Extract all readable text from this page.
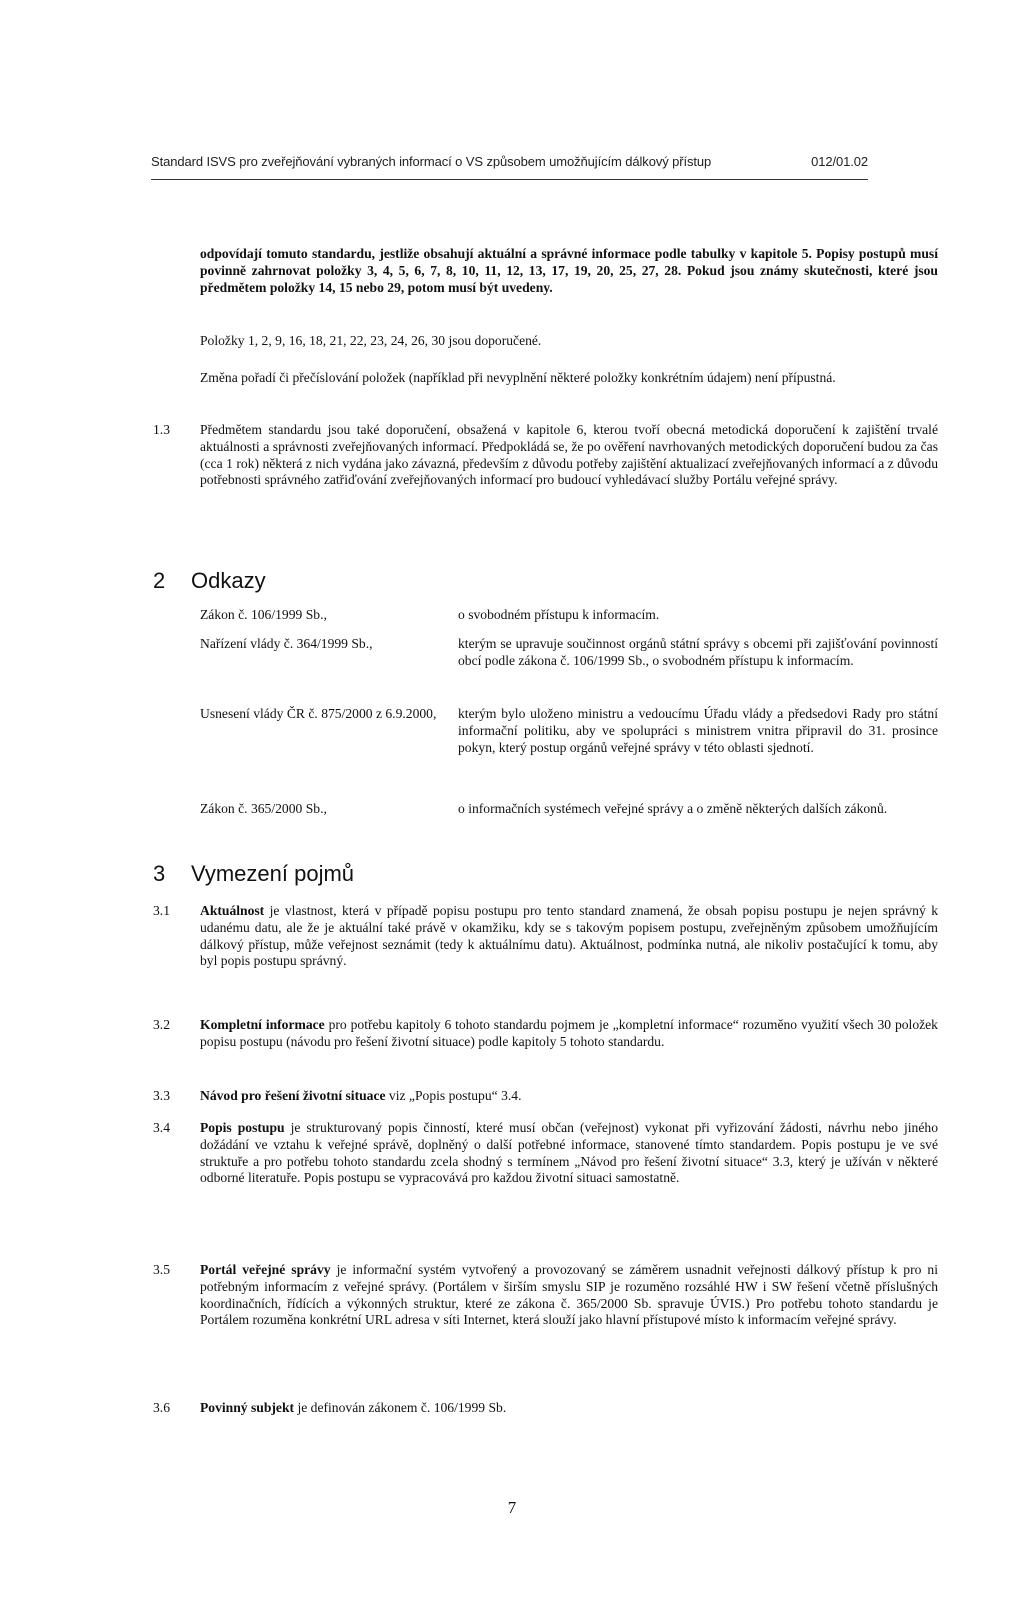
Standard ISVS pro zveřejňování vybraných informací o VS způsobem umožňujícím dálkový přístup	012/01.02
odpovídají tomuto standardu, jestliže obsahují aktuální a správné informace podle tabulky v kapitole 5. Popisy postupů musí povinně zahrnovat položky 3, 4, 5, 6, 7, 8, 10, 11, 12, 13, 17, 19, 20, 25, 27, 28. Pokud jsou známy skutečnosti, které jsou předmětem položky 14, 15 nebo 29, potom musí být uvedeny.
Položky 1, 2, 9, 16, 18, 21, 22, 23, 24, 26, 30 jsou doporučené.
Změna pořadí či přečíslování položek (například při nevyplnění některé položky konkrétním údajem) není přípustná.
1.3 Předmětem standardu jsou také doporučení, obsažená v kapitole 6, kterou tvoří obecná metodická doporučení k zajištění trvalé aktuálnosti a správnosti zveřejňovaných informací. Předpokládá se, že po ověření navrhovaných metodických doporučení budou za čas (cca 1 rok) některá z nich vydána jako závazná, především z důvodu potřeby zajištění aktualizací zveřejňovaných informací a z důvodu potřebnosti správného zatřiďování zveřejňovaných informací pro budoucí vyhledávací služby Portálu veřejné správy.
2 Odkazy
Zákon č. 106/1999 Sb.,	o svobodném přístupu k informacím.
Nařízení vlády č. 364/1999 Sb.,	kterým se upravuje součinnost orgánů státní správy s obcemi při zajišťování povinností obcí podle zákona č. 106/1999 Sb., o svobodném přístupu k informacím.
Usnesení vlády ČR č. 875/2000 z 6.9.2000, kterým bylo uloženo ministru a vedoucímu Úřadu vlády a předsedovi Rady pro státní informační politiku, aby ve spolupráci s ministrem vnitra připravil do 31. prosince pokyn, který postup orgánů veřejné správy v této oblasti sjednotí.
Zákon č. 365/2000 Sb.,	o informačních systémech veřejné správy a o změně některých dalších zákonů.
3 Vymezení pojmů
3.1 Aktuálnost je vlastnost, která v případě popisu postupu pro tento standard znamená, že obsah popisu postupu je nejen správný k udanému datu, ale že je aktuální také právě v okamžiku, kdy se s takovým popisem postupu, zveřejněným způsobem umožňujícím dálkový přístup, může veřejnost seznámit (tedy k aktuálnímu datu). Aktuálnost, podmínka nutná, ale nikoliv postačující k tomu, aby byl popis postupu správný.
3.2 Kompletní informace pro potřebu kapitoly 6 tohoto standardu pojmem je „kompletní informace“ rozuměno využití všech 30 položek popisu postupu (návodu pro řešení životní situace) podle kapitoly 5 tohoto standardu.
3.3 Návod pro řešení životní situace viz „Popis postupu“ 3.4.
3.4 Popis postupu je strukturovaný popis činností, které musí občan (veřejnost) vykonat při vyřizování žádosti, návrhu nebo jiného dožádání ve vztahu k veřejné správě, doplněný o další potřebné informace, stanovené tímto standardem. Popis postupu je ve své struktuře a pro potřebu tohoto standardu zcela shodný s termínem „Návod pro řešení životní situace“ 3.3, který je užíván v některé odborné literatuře. Popis postupu se vypracovává pro každou životní situaci samostatně.
3.5 Portál veřejné správy je informační systém vytvořený a provozovaný se záměrem usnadnit veřejnosti dálkový přístup k pro ni potřebným informacím z veřejné správy. (Portálem v širším smyslu SIP je rozuměno rozsáhlé HW i SW řešení včetně příslušných koordinačních, řídících a výkonných struktur, které ze zákona č. 365/2000 Sb. spravuje ÚVIS.) Pro potřebu tohoto standardu je Portálem rozuměna konkrétní URL adresa v síti Internet, která slouží jako hlavní přístupové místo k informacím veřejné správy.
3.6 Povinný subjekt je definován zákonem č. 106/1999 Sb.
7
